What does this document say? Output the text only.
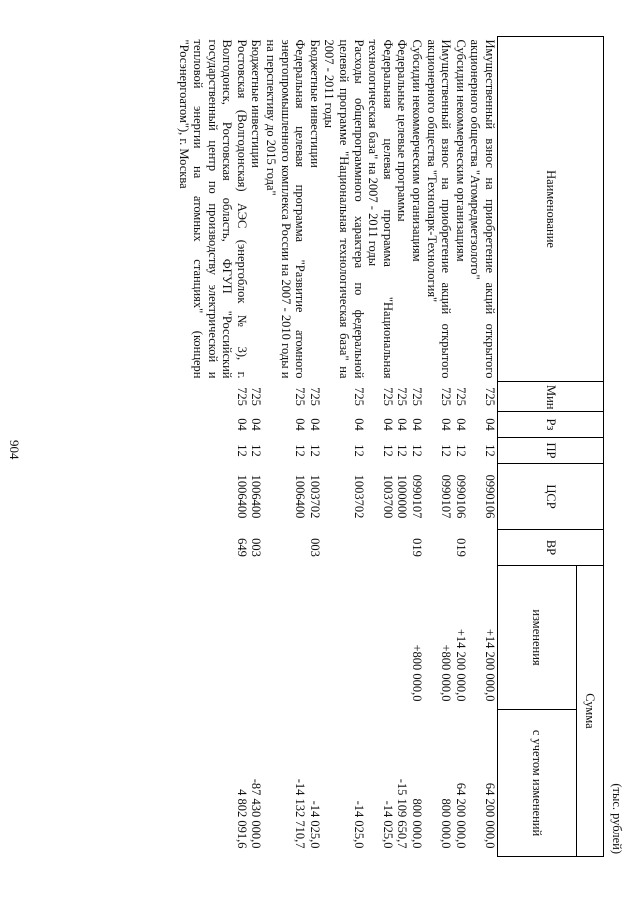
904
(тыс. рублей)
Наименование	Мин	Рз	ПР	ЦСР	ВР	Сумма	
						изменения	с учетом изменений
Имущественный взнос на приобретение акций открытого акционерного общества "Атомредметзолото"	725	04	12	0990106		+14 200 000,0	64 200 000,0
Субсидии некоммерческим организациям	725	04	12	0990106	019	+14 200 000,0	64 200 000,0
Имущественный взнос на приобретение акций открытого акционерного общества "Технопарк-Технология"	725	04	12	0990107		+800 000,0	800 000,0
Субсидии некоммерческим организациям	725	04	12	0990107	019	+800 000,0	800 000,0
Федеральные целевые программы	725	04	12	1000000			-15 109 650,7
Федеральная целевая программа "Национальная технологическая база" на 2007 - 2011 годы	725	04	12	1003700			-14 025,0
Расходы общепрограммного характера по федеральной целевой программе "Национальная технологическая база" на 2007 - 2011 годы	725	04	12	1003702			-14 025,0
Бюджетные инвестиции	725	04	12	1003702	003		-14 025,0
Федеральная целевая программа "Развитие атомного энергопромышленного комплекса России на 2007 - 2010 годы и на перспективу до 2015 года"	725	04	12	1006400			-14 132 710,7
Бюджетные инвестиции	725	04	12	1006400	003		-87 430 000,0
Ростовская (Волгодонская) АЭС (энергоблок № 3), г. Волгодонск, Ростовская область, ФГУП "Российский государственный центр по производству электрической и тепловой энергии на атомных станциях" (концерн "Росэнергоатом"), г. Москва	725	04	12	1006400	649		4 802 091,6
